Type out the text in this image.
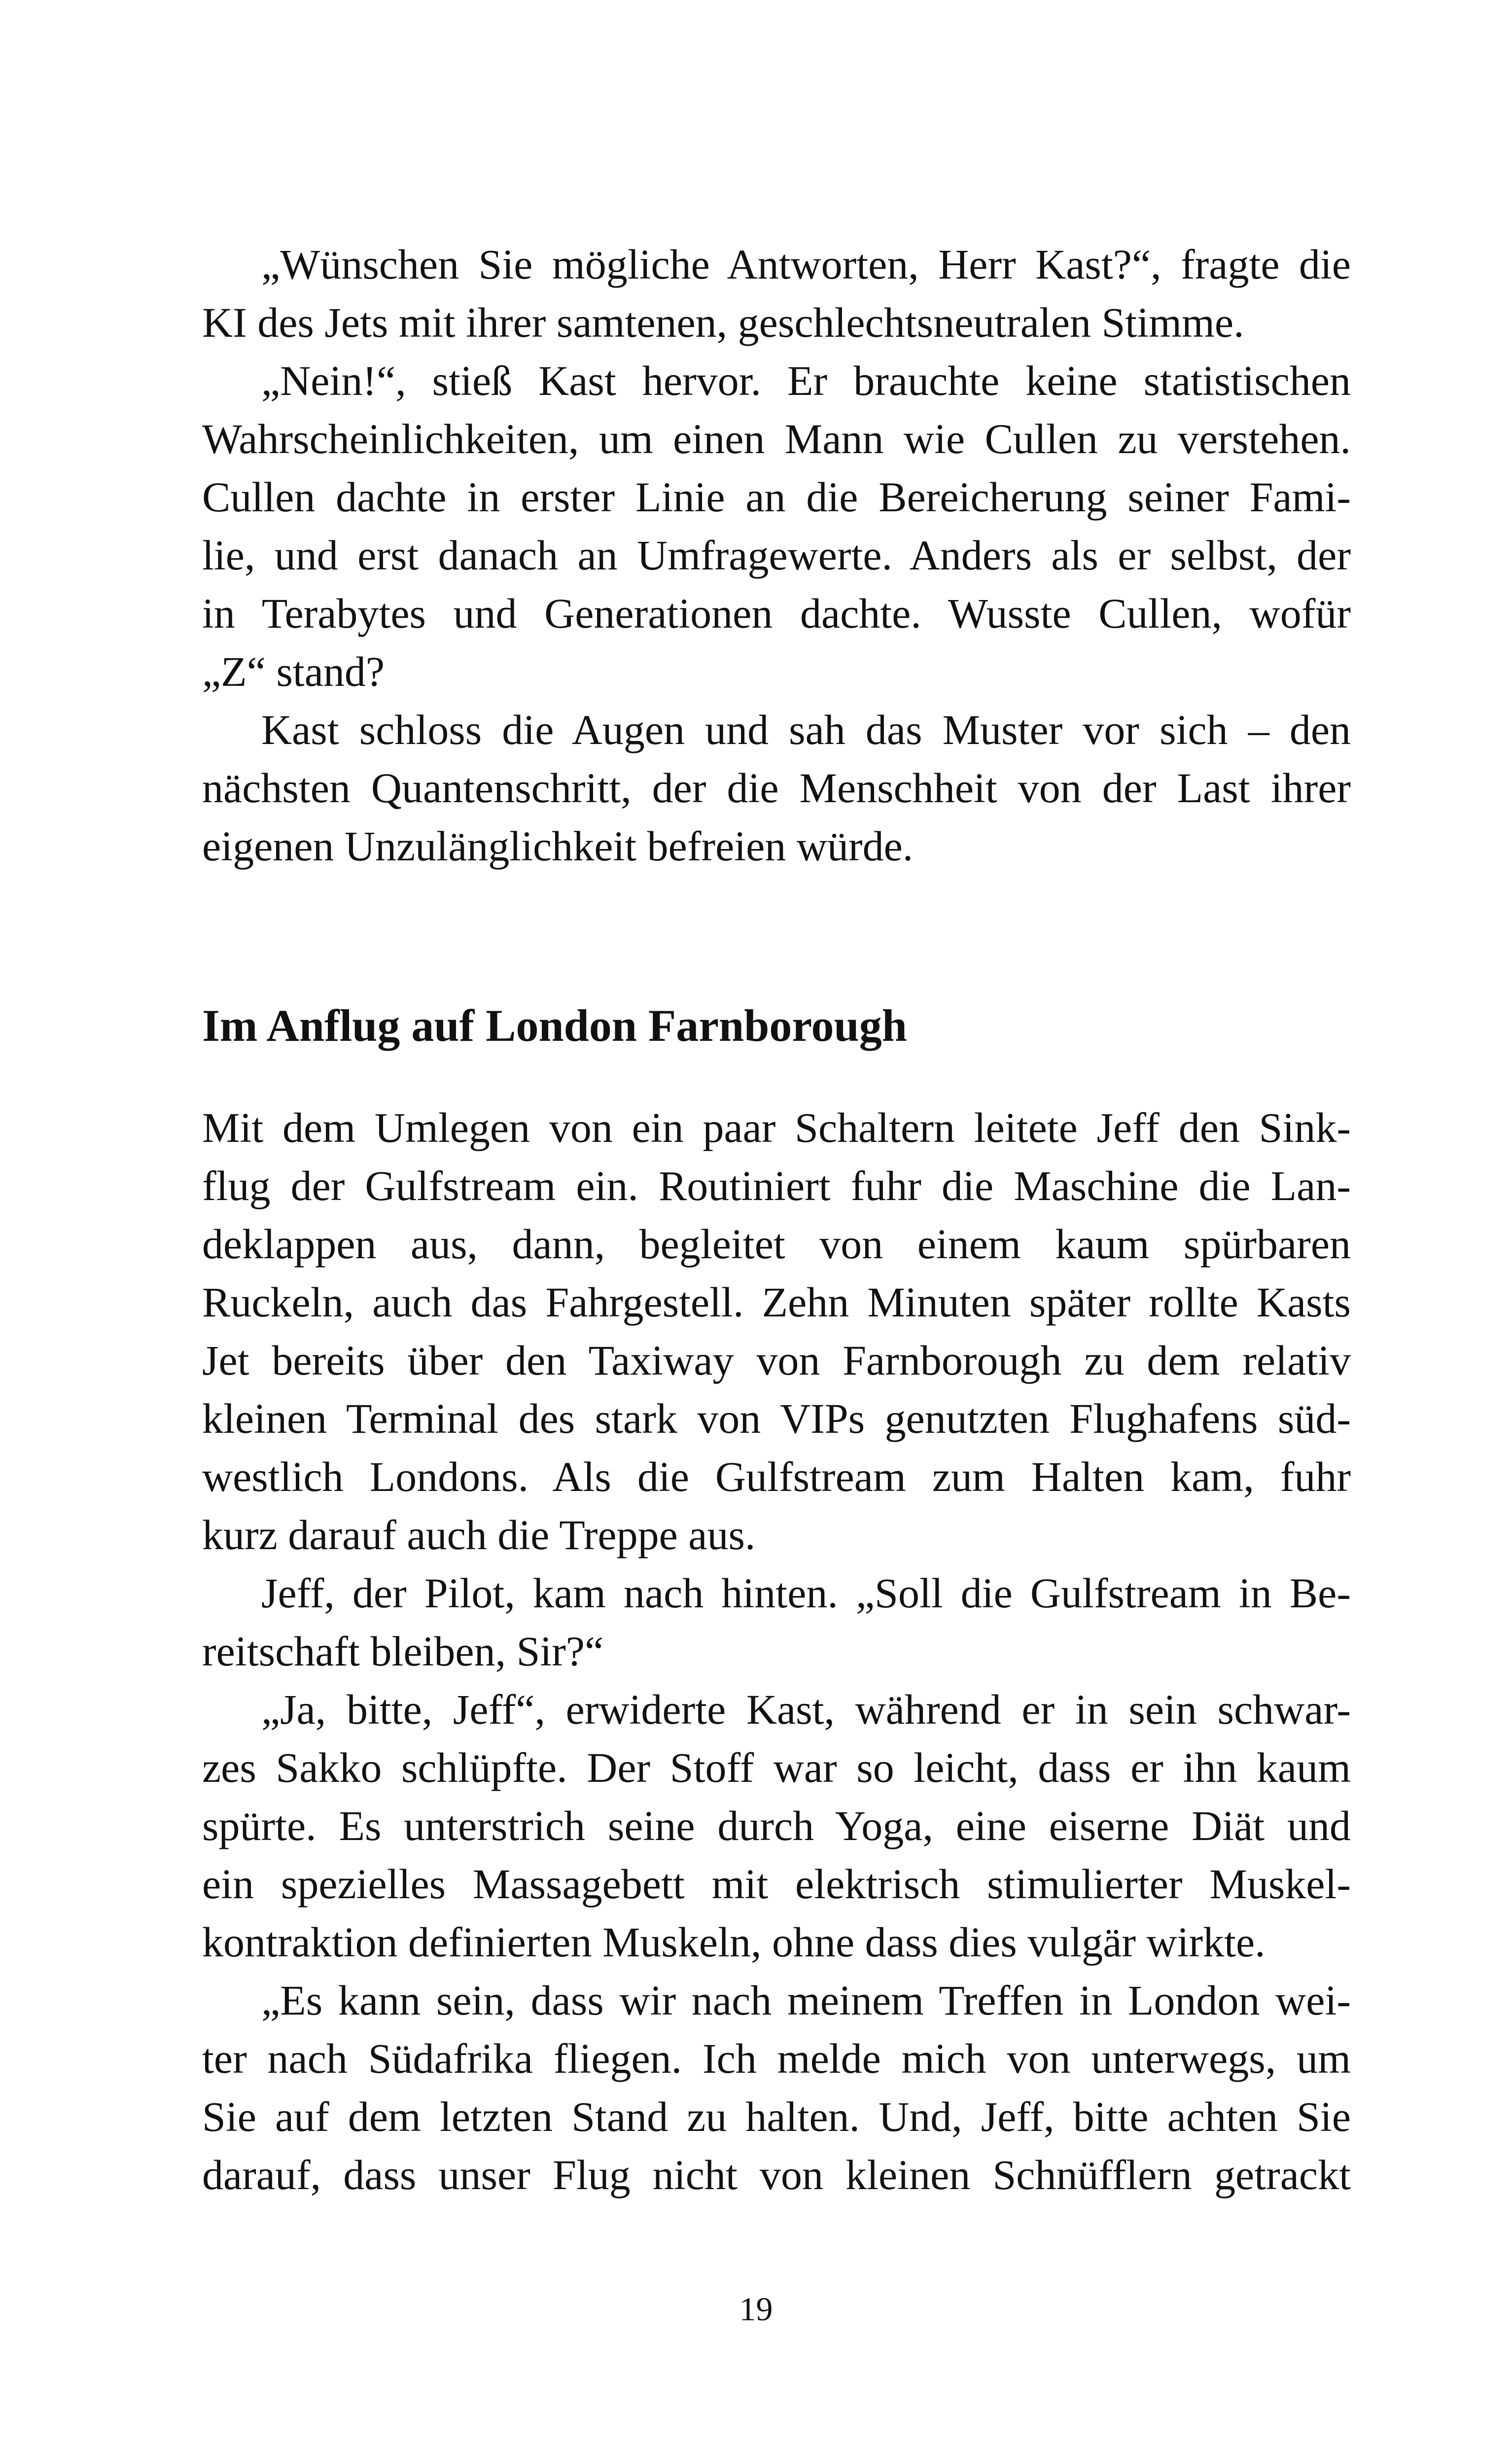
„Wünschen Sie mögliche Antworten, Herr Kast?“, fragte die
KI des Jets mit ihrer samtenen, geschlechtsneutralen Stimme.
„Nein!“, stieß Kast hervor. Er brauchte keine statistischen
Wahrscheinlichkeiten, um einen Mann wie Cullen zu verstehen.
Cullen dachte in erster Linie an die Bereicherung seiner Fami-
lie, und erst danach an Umfragewerte. Anders als er selbst, der
in Terabytes und Generationen dachte. Wusste Cullen, wofür
„Z“ stand?
Kast schloss die Augen und sah das Muster vor sich – den
nächsten Quantenschritt, der die Menschheit von der Last ihrer
eigenen Unzulänglichkeit befreien würde.
Im Anflug auf London Farnborough
Mit dem Umlegen von ein paar Schaltern leitete Jeff den Sink-
flug der Gulfstream ein. Routiniert fuhr die Maschine die Lan-
deklappen aus, dann, begleitet von einem kaum spürbaren
Ruckeln, auch das Fahrgestell. Zehn Minuten später rollte Kasts
Jet bereits über den Taxiway von Farnborough zu dem relativ
kleinen Terminal des stark von VIPs genutzten Flughafens süd-
westlich Londons. Als die Gulfstream zum Halten kam, fuhr
kurz darauf auch die Treppe aus.
Jeff, der Pilot, kam nach hinten. „Soll die Gulfstream in Be-
reitschaft bleiben, Sir?“
„Ja, bitte, Jeff“, erwiderte Kast, während er in sein schwar-
zes Sakko schlüpfte. Der Stoff war so leicht, dass er ihn kaum
spürte. Es unterstrich seine durch Yoga, eine eiserne Diät und
ein spezielles Massagebett mit elektrisch stimulierter Muskel-
kontraktion definierten Muskeln, ohne dass dies vulgär wirkte.
„Es kann sein, dass wir nach meinem Treffen in London wei-
ter nach Südafrika fliegen. Ich melde mich von unterwegs, um
Sie auf dem letzten Stand zu halten. Und, Jeff, bitte achten Sie
darauf, dass unser Flug nicht von kleinen Schnüfflern getrackt
19
